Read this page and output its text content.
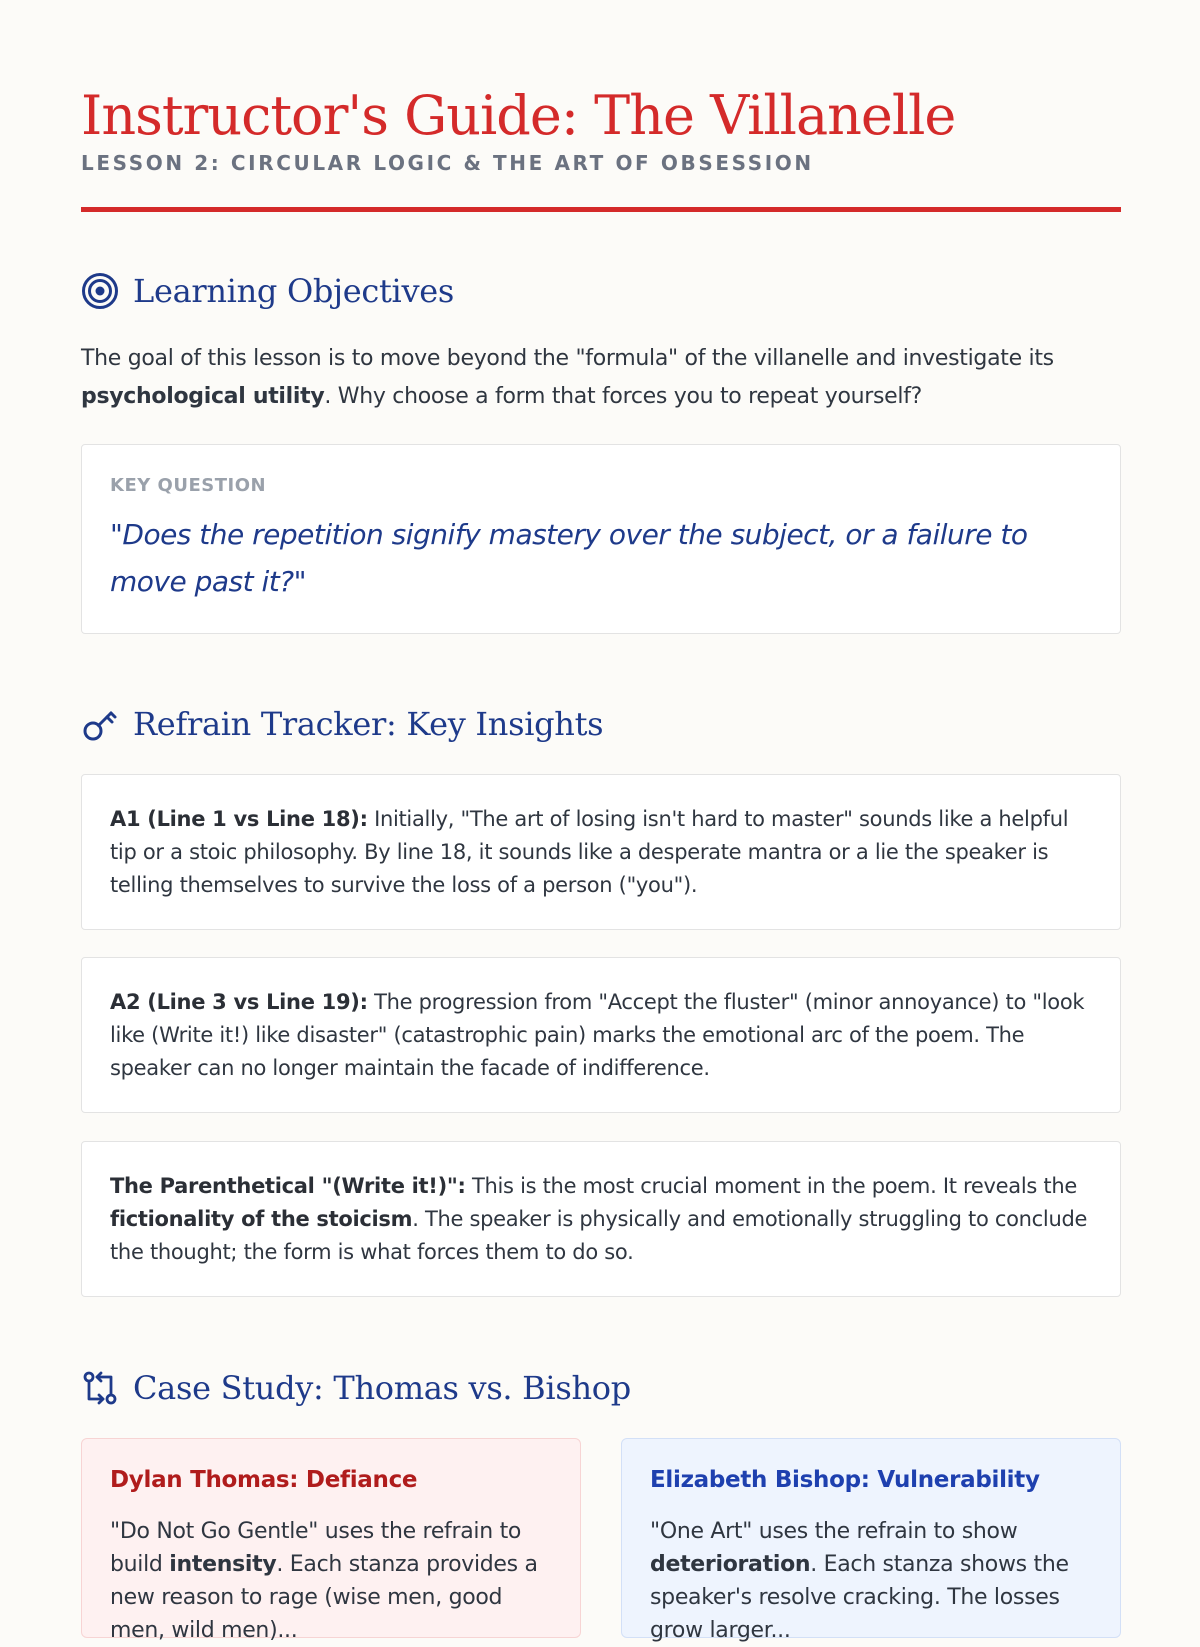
Instructor's Guide: The Villanelle
LESSON 2: CIRCULAR LOGIC & THE ART OF OBSESSION
Learning Objectives

The goal of this lesson is to move beyond the "formula" of the villanelle and investigate its psychological utility. Why choose a form that forces you to repeat yourself?

KEY QUESTION

"Does the repetition signify mastery over the subject, or a failure to move past it?"

Refrain Tracker: Key Insights

A1 (Line 1 vs Line 18): Initially, "The art of losing isn't hard to master" sounds like a helpful tip or a stoic philosophy. By line 18, it sounds like a desperate mantra or a lie the speaker is telling themselves to survive the loss of a person ("you").

A2 (Line 3 vs Line 19): The progression from "Accept the fluster" (minor annoyance) to "look like (Write it!) like disaster" (catastrophic pain) marks the emotional arc of the poem. The speaker can no longer maintain the facade of indifference.

The Parenthetical "(Write it!)": This is the most crucial moment in the poem. It reveals the fictionality of the stoicism. The speaker is physically and emotionally struggling to conclude the thought; the form is what forces them to do so.

Case Study: Thomas vs. Bishop
Dylan Thomas: Defiance

"Do Not Go Gentle" uses the refrain to build intensity. Each stanza provides a new reason to rage (wise men, good men, wild men)...

Elizabeth Bishop: Vulnerability

"One Art" uses the refrain to show deterioration. Each stanza shows the speaker's resolve cracking. The losses grow larger...
